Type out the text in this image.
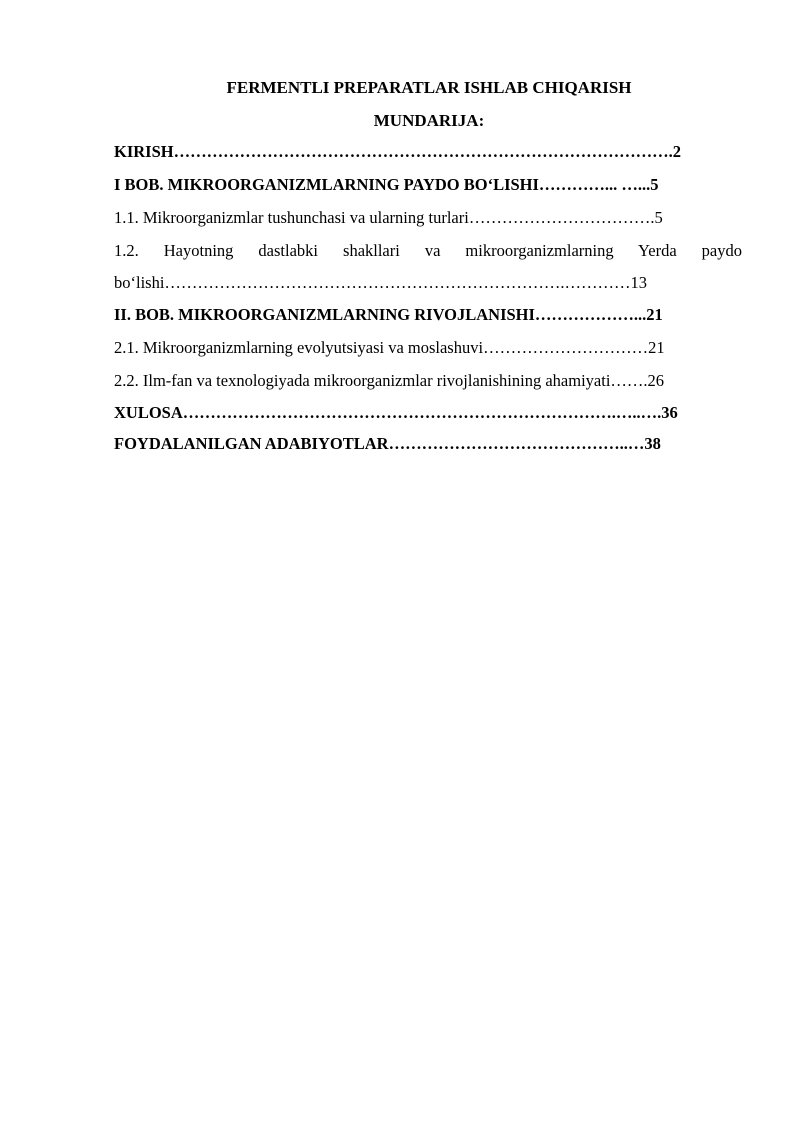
FERMENTLI PREPARATLAR ISHLAB CHIQARISH
MUNDARIJA:
KIRISH……………………………………………………………………………….2
I BOB. MIKROORGANIZMLARNING PAYDO BO‘LISHI…………... …...5
1.1. Mikroorganizmlar tushunchasi va ularning turlari…………………………….5
1.2. Hayotning dastlabki shakllari va mikroorganizmlarning Yerda paydo
bo‘lishi……………………………………………………………….…………13
II. BOB. MIKROORGANIZMLARNING RIVOJLANISHI………………...21
2.1. Mikroorganizmlarning evolyutsiyasi va moslashuvi…………………………21
2.2. Ilm-fan va texnologiyada mikroorganizmlar rivojlanishining ahamiyati…….26
XULOSA…………………………………………………………………….…..….36
FOYDALANILGAN ADABIYOTLAR……………………………………..…38
